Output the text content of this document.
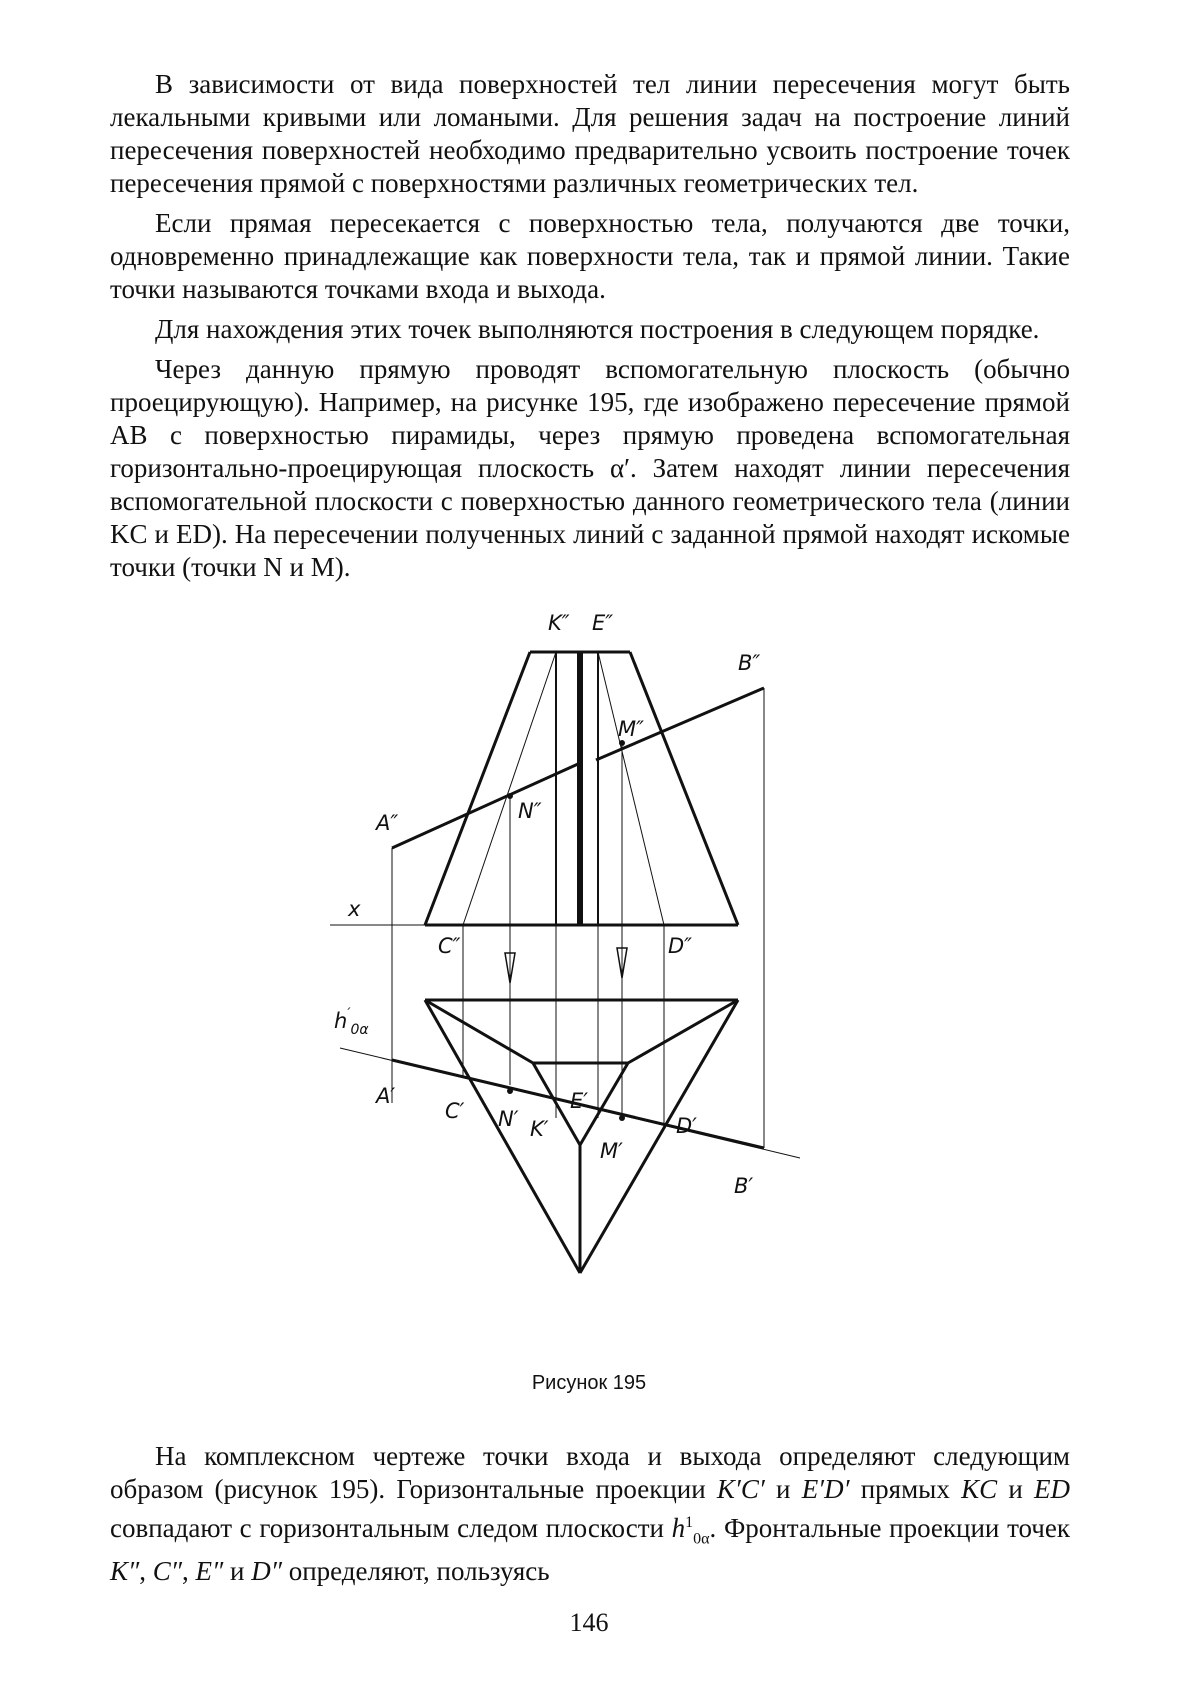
В зависимости от вида поверхностей тел линии пересечения могут быть лекальными кривыми или ломаными. Для решения задач на построение линий пересечения поверхностей необходимо предварительно усвоить построение точек пересечения прямой с поверхностями различных геометрических тел.

Если прямая пересекается с поверхностью тела, получаются две точки, одновременно принадлежащие как поверхности тела, так и прямой линии. Такие точки называются точками входа и выхода.

Для нахождения этих точек выполняются построения в следующем порядке.

Через данную прямую проводят вспомогательную плоскость (обычно проецирующую). Например, на рисунке 195, где изображено пересечение прямой AB с поверхностью пирамиды, через прямую проведена вспомогательная горизонтально-проецирующая плоскость α′. Затем находят линии пересечения вспомогательной плоскости с поверхностью данного геометрического тела (линии KC и ED). На пересечении полученных линий с заданной прямой находят искомые точки (точки N и M).

K″ E″
B″
M″
N″
A″
x
C″	D″
$h'_{0\alpha}$
A′
C′ N′ K′
E′
M′
D′
B′
Рисунок 195

На комплексном чертеже точки входа и выхода определяют следующим образом (рисунок 195). Горизонтальные проекции K′C′ и E′D′ прямых KC и ED совпадают с горизонтальным следом плоскости $h^1_{0\alpha}$. Фронтальные проекции точек K″, C″, E″ и D″ определяют, пользуясь

146
